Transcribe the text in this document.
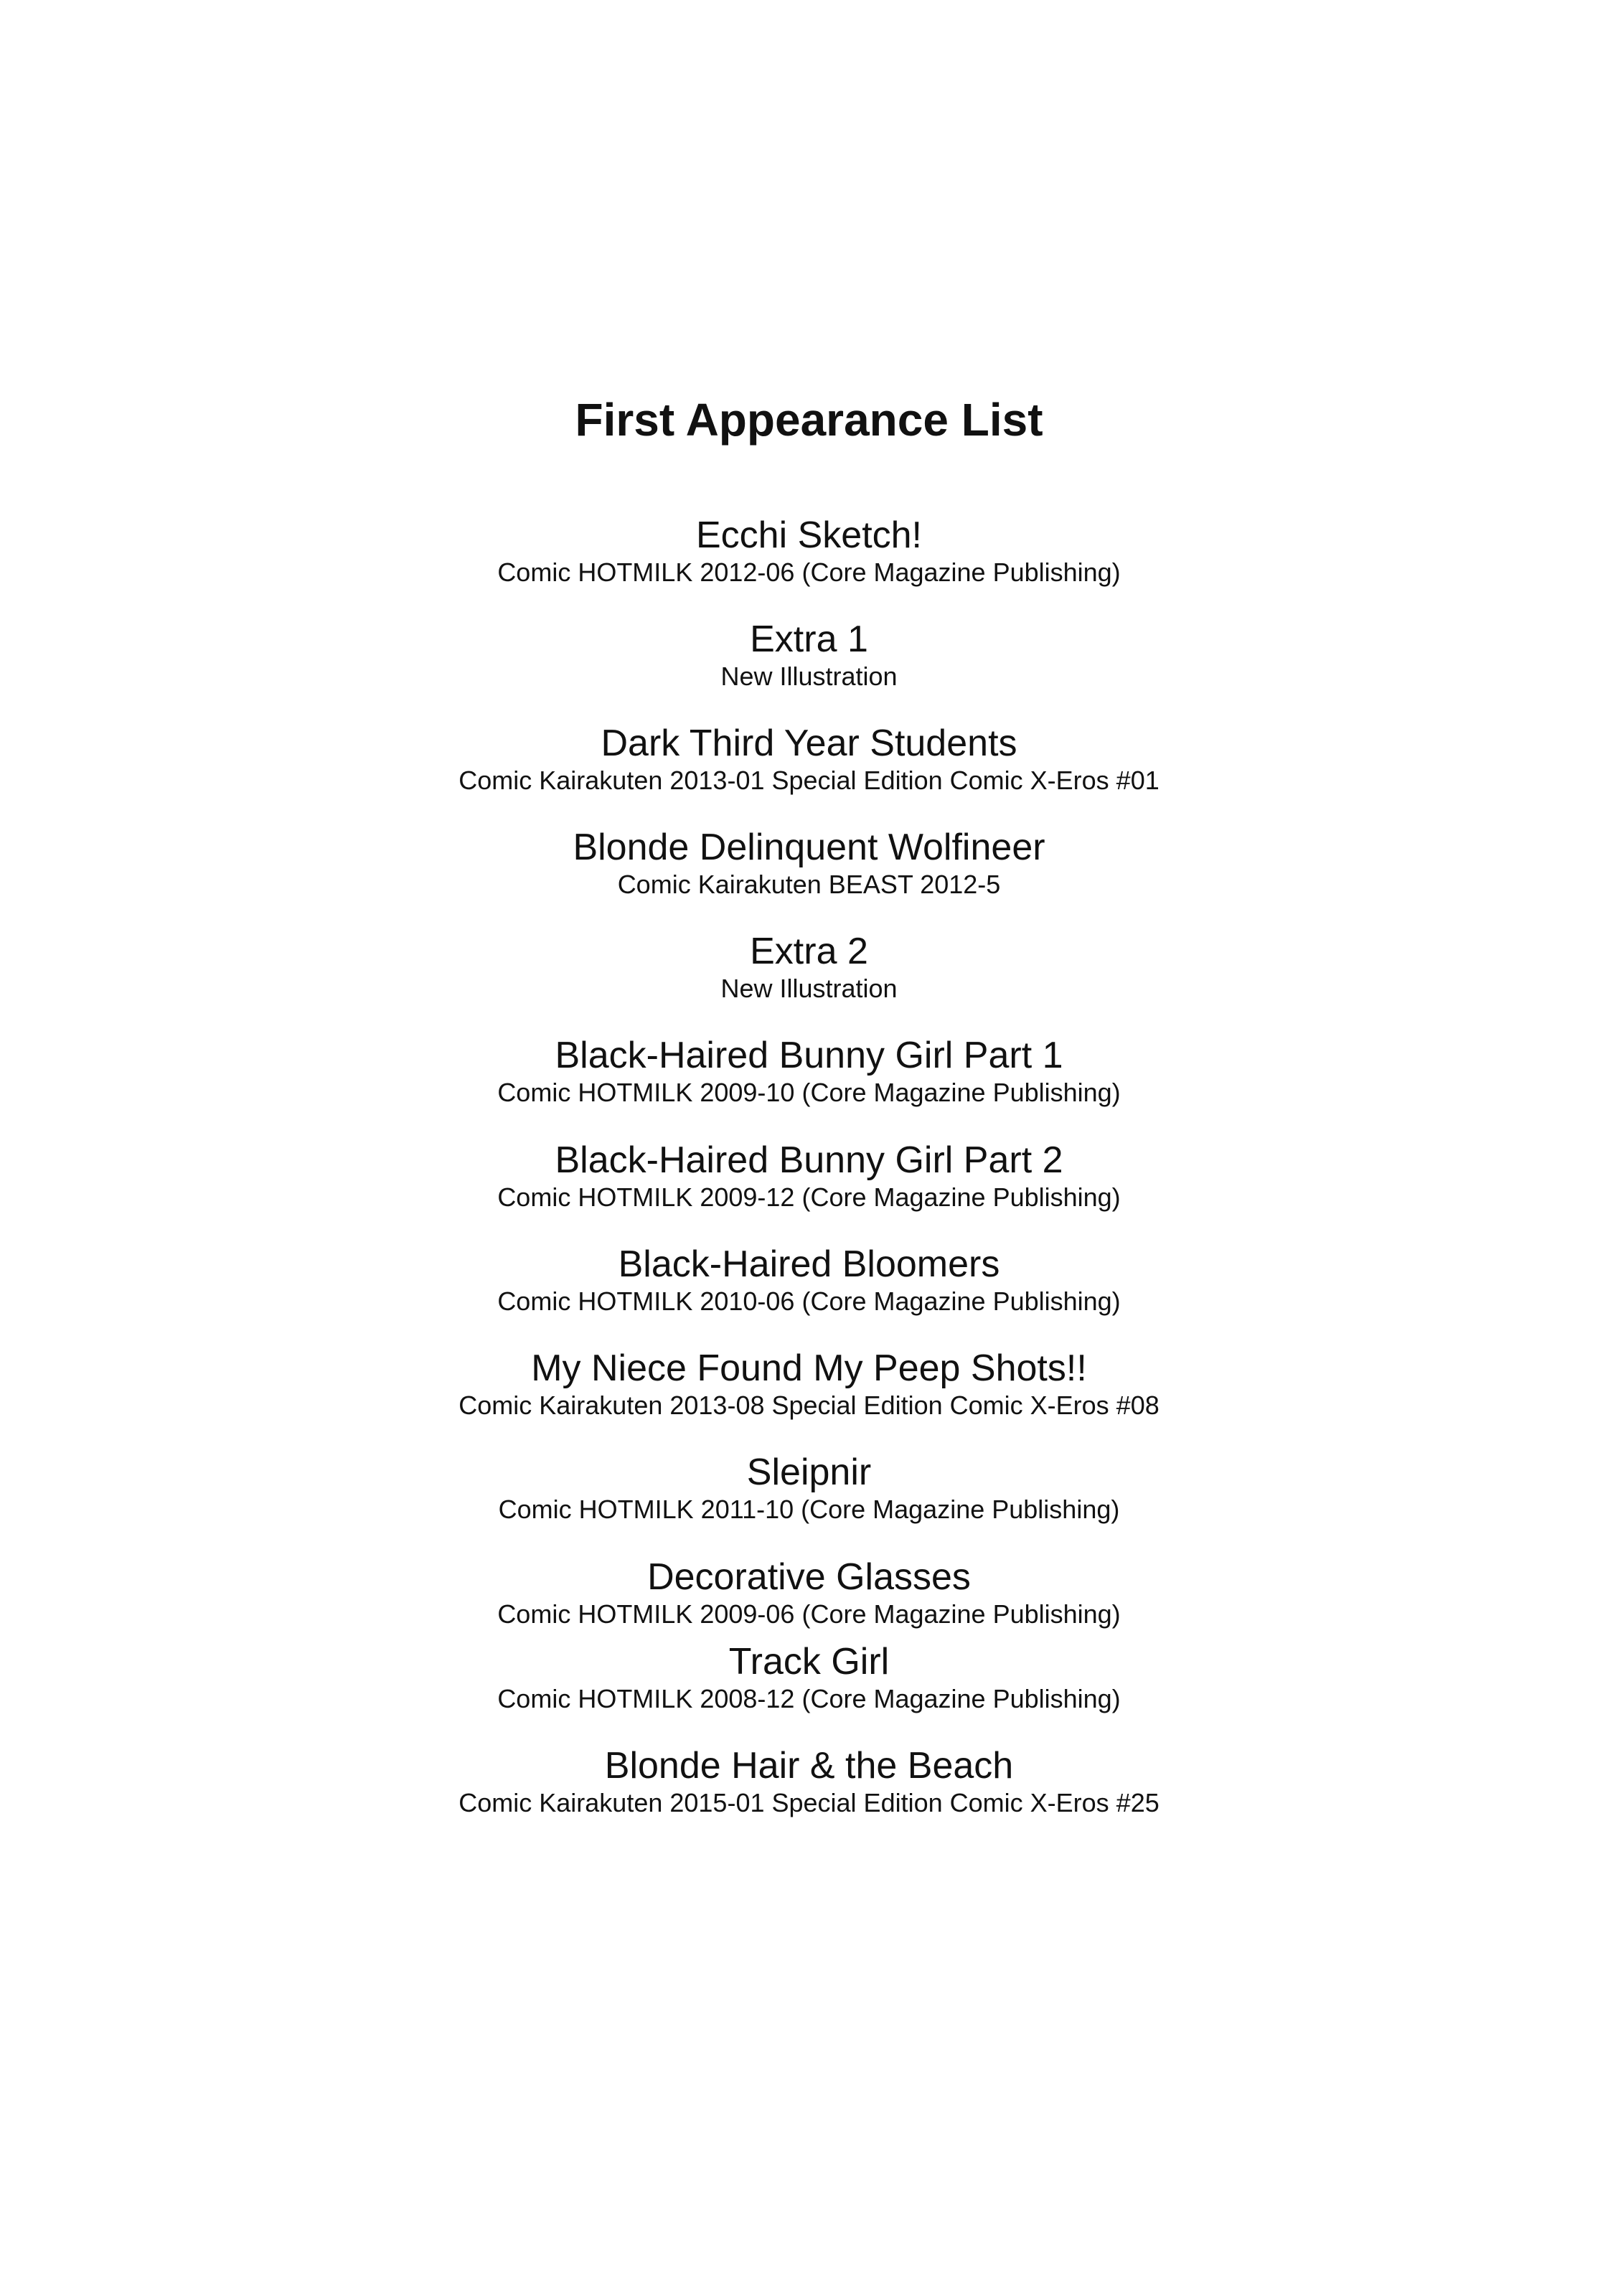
First Appearance List
Ecchi Sketch!
Comic HOTMILK 2012-06 (Core Magazine Publishing)
Extra 1
New Illustration
Dark Third Year Students
Comic Kairakuten 2013-01 Special Edition Comic X-Eros #01
Blonde Delinquent Wolfineer
Comic Kairakuten BEAST 2012-5
Extra 2
New Illustration
Black-Haired Bunny Girl Part 1
Comic HOTMILK 2009-10 (Core Magazine Publishing)
Black-Haired Bunny Girl Part 2
Comic HOTMILK 2009-12 (Core Magazine Publishing)
Black-Haired Bloomers
Comic HOTMILK 2010-06 (Core Magazine Publishing)
My Niece Found My Peep Shots!!
Comic Kairakuten 2013-08 Special Edition Comic X-Eros #08
Sleipnir
Comic HOTMILK 2011-10 (Core Magazine Publishing)
Decorative Glasses
Comic HOTMILK 2009-06 (Core Magazine Publishing)
Track Girl
Comic HOTMILK 2008-12 (Core Magazine Publishing)
Blonde Hair & the Beach
Comic Kairakuten 2015-01 Special Edition Comic X-Eros #25
